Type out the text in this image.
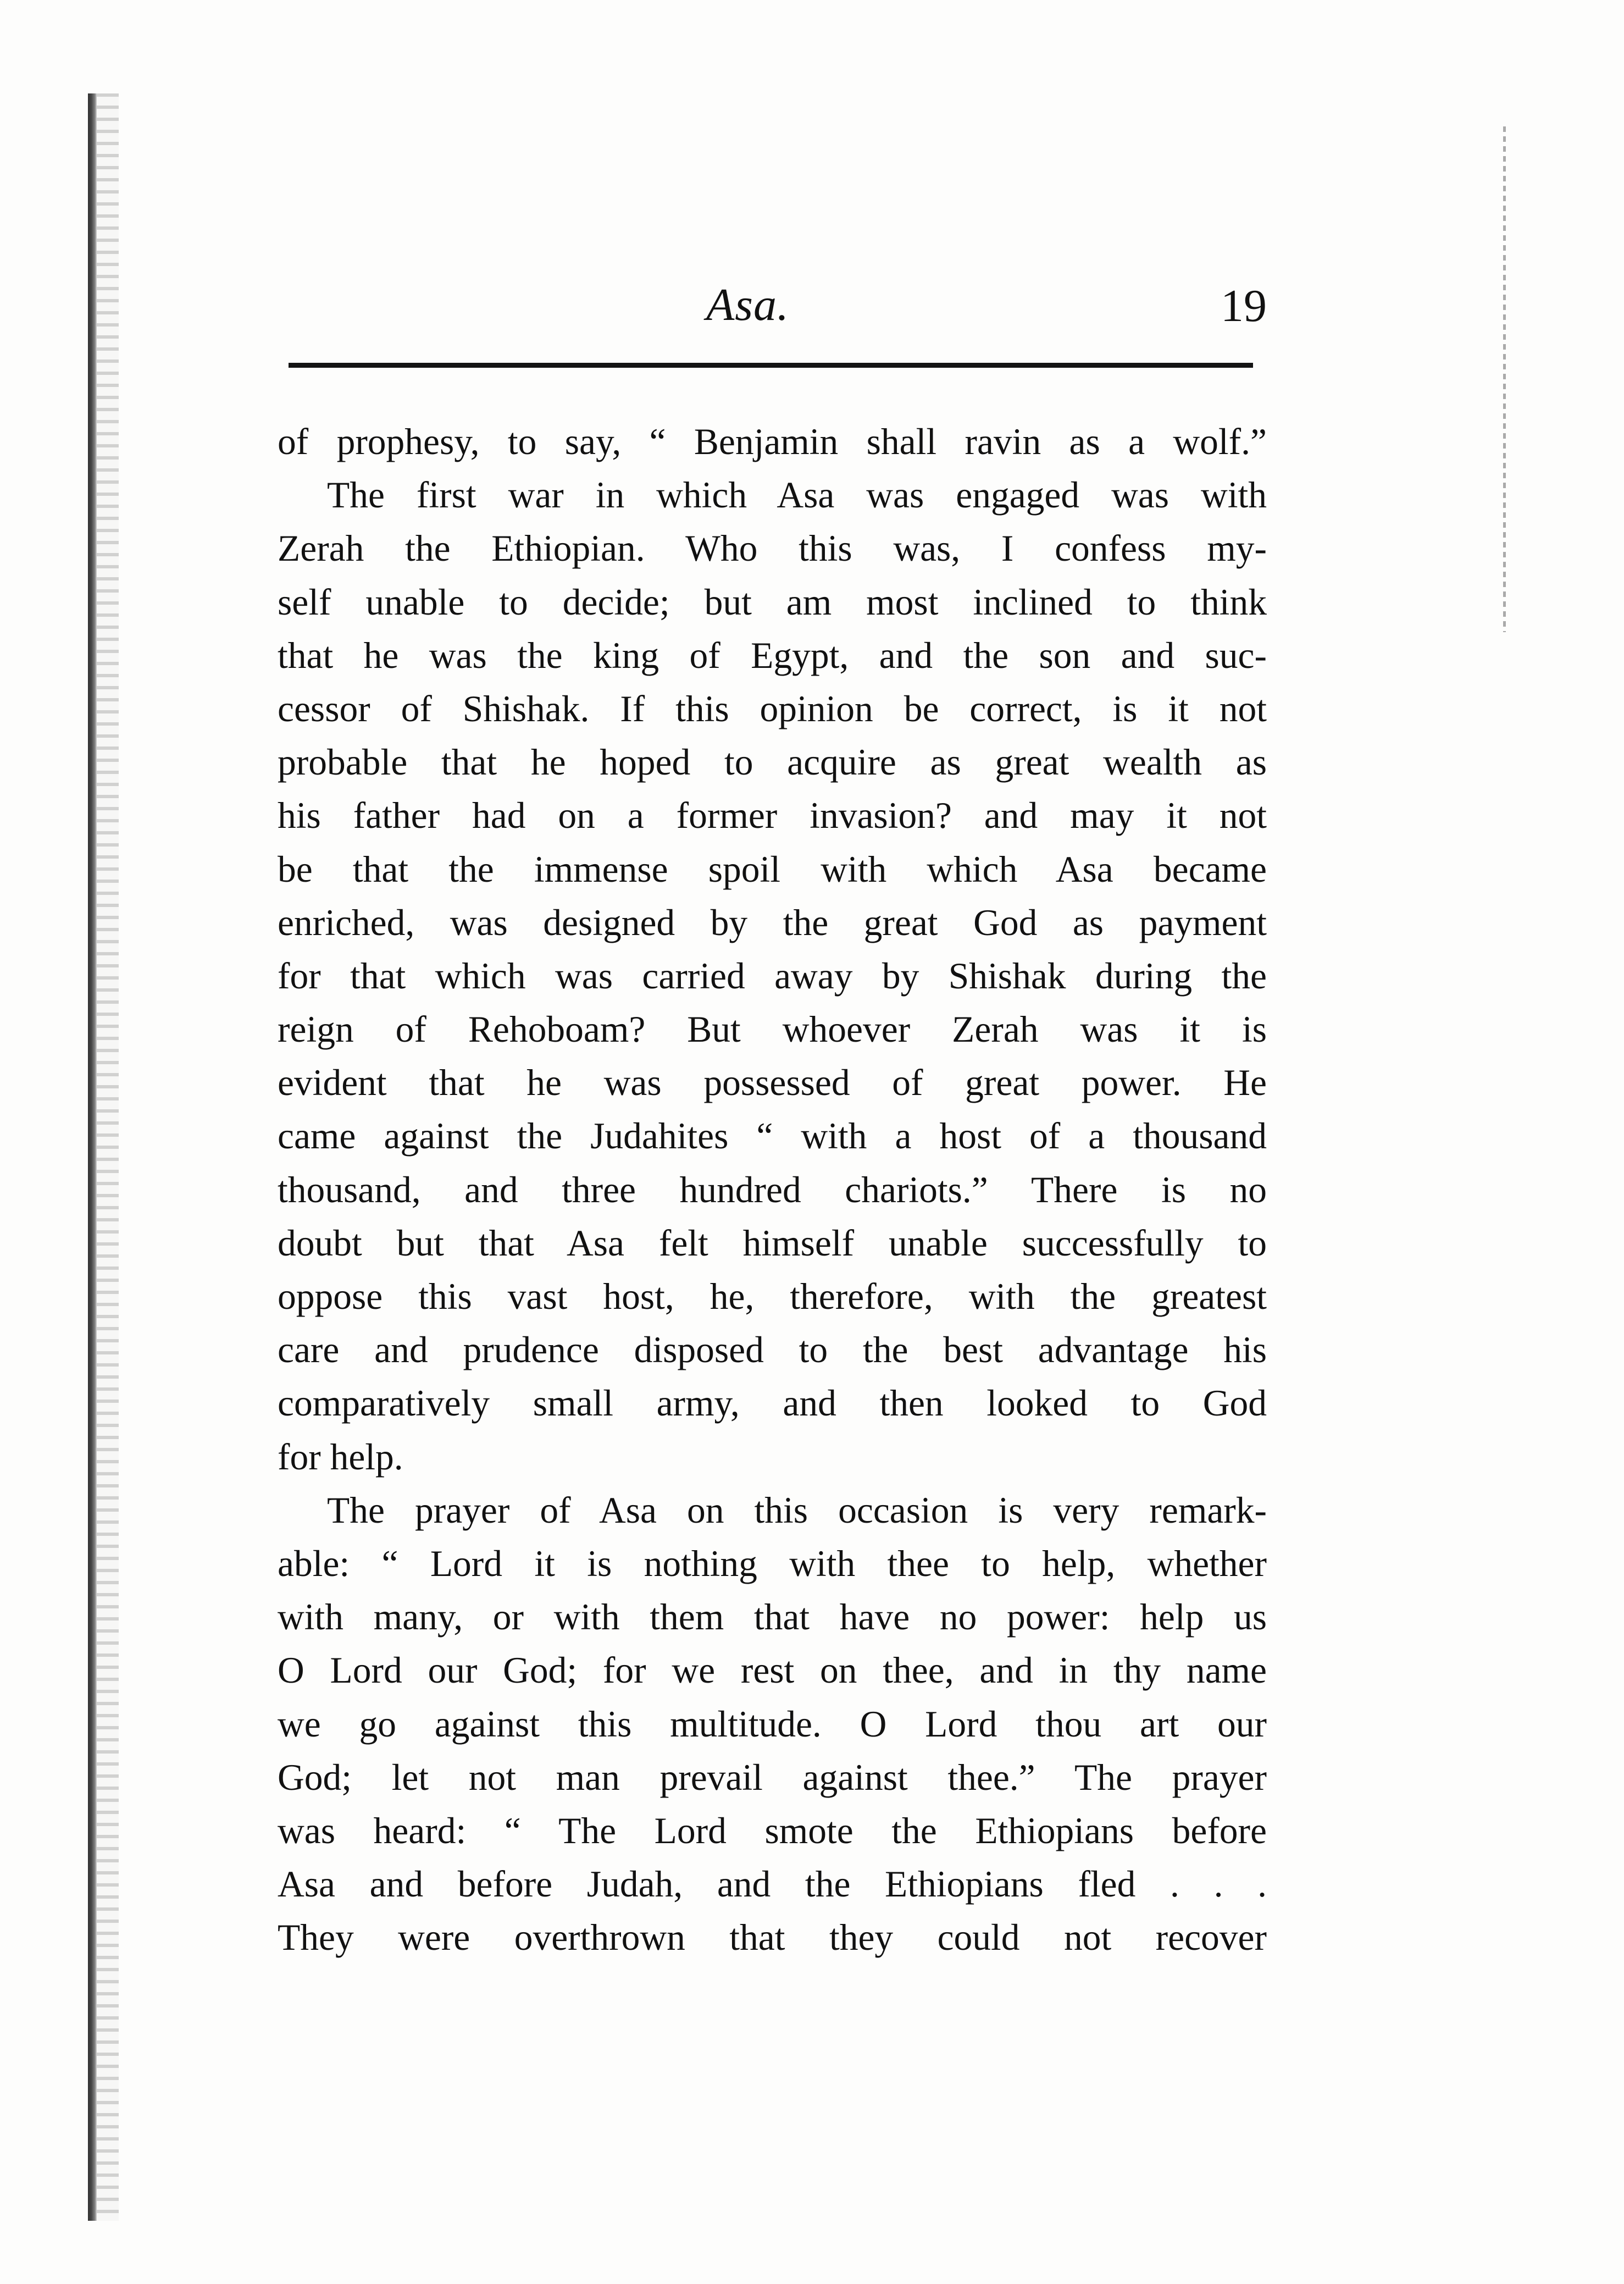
Asa.	19
of prophesy, to say, “ Benjamin shall ravin as a wolf.”
The first war in which Asa was engaged was with
Zerah the Ethiopian. Who this was, I confess my-
self unable to decide; but am most inclined to think
that he was the king of Egypt, and the son and suc-
cessor of Shishak. If this opinion be correct, is it not
probable that he hoped to acquire as great wealth as
his father had on a former invasion? and may it not
be that the immense spoil with which Asa became
enriched, was designed by the great God as payment
for that which was carried away by Shishak during the
reign of Rehoboam? But whoever Zerah was it is
evident that he was possessed of great power. He
came against the Judahites “ with a host of a thousand
thousand, and three hundred chariots.” There is no
doubt but that Asa felt himself unable successfully to
oppose this vast host, he, therefore, with the greatest
care and prudence disposed to the best advantage his
comparatively small army, and then looked to God
for help.
The prayer of Asa on this occasion is very remark-
able: “ Lord it is nothing with thee to help, whether
with many, or with them that have no power: help us
O Lord our God; for we rest on thee, and in thy name
we go against this multitude. O Lord thou art our
God; let not man prevail against thee.” The prayer
was heard: “ The Lord smote the Ethiopians before
Asa and before Judah, and the Ethiopians fled . . .
They were overthrown that they could not recover
